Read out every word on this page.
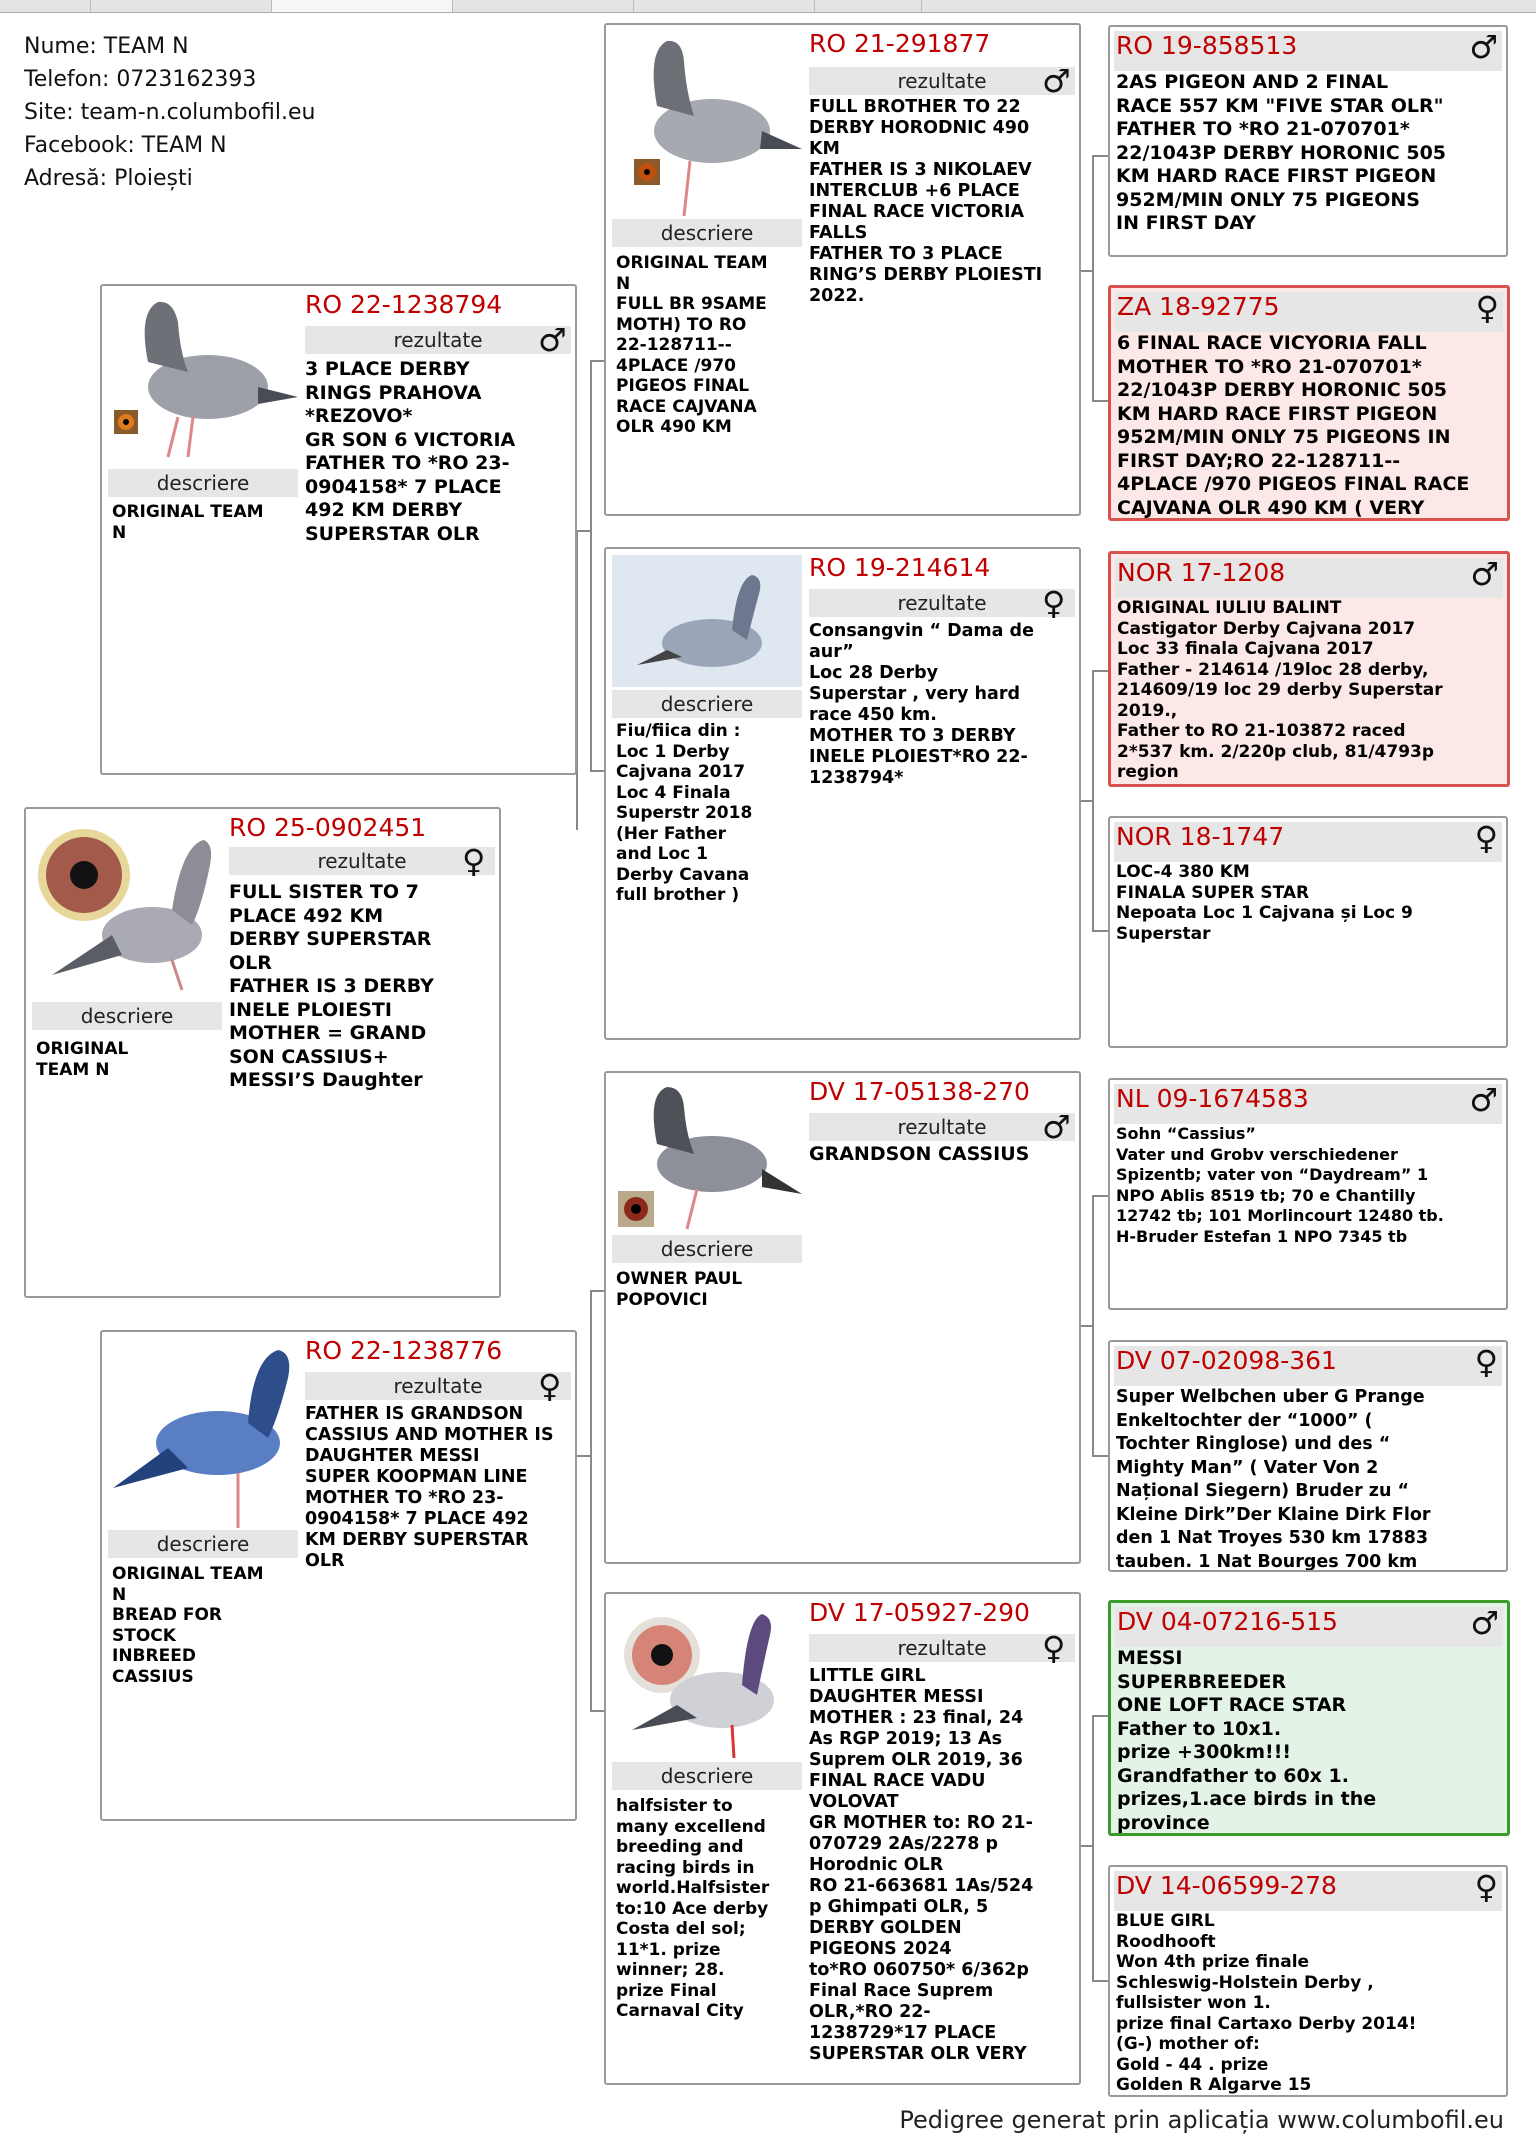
Nume: TEAM N
Telefon: 0723162393
Site: team-n.columbofil.eu
Facebook: TEAM N
Adresă: Ploiești
descriere
ORIGINAL
TEAM N
RO 25-0902451
rezultate	♀
FULL SISTER TO 7
PLACE 492 KM
DERBY SUPERSTAR
OLR
FATHER IS 3 DERBY
INELE PLOIESTI
MOTHER = GRAND
SON CASSIUS+
MESSI’S Daughter
descriere
ORIGINAL TEAM
N
RO 22-1238794
rezultate	♂
3 PLACE DERBY
RINGS PRAHOVA
*REZOVO*
GR SON 6 VICTORIA
FATHER TO *RO 23-
0904158* 7 PLACE
492 KM DERBY
SUPERSTAR OLR
descriere
ORIGINAL TEAM
N
BREAD FOR
STOCK
INBREED
CASSIUS
RO 22-1238776
rezultate	♀
FATHER IS GRANDSON
CASSIUS AND MOTHER IS
DAUGHTER MESSI
SUPER KOOPMAN LINE
MOTHER TO *RO 23-
0904158* 7 PLACE 492
KM DERBY SUPERSTAR
OLR
descriere
ORIGINAL TEAM
N
FULL BR 9SAME
MOTH) TO RO
22-128711--
4PLACE /970
PIGEOS FINAL
RACE CAJVANA
OLR 490 KM
RO 21-291877
rezultate	♂
FULL BROTHER TO 22
DERBY HORODNIC 490
KM
FATHER IS 3 NIKOLAEV
INTERCLUB +6 PLACE
FINAL RACE VICTORIA
FALLS
FATHER TO 3 PLACE
RING’S DERBY PLOIESTI
2022.
descriere
Fiu/fiica din :
Loc 1 Derby
Cajvana 2017
Loc 4 Finala
Superstr 2018
(Her Father
and Loc 1
Derby Cavana
full brother )
RO 19-214614
rezultate	♀
Consangvin “ Dama de
aur”
Loc 28 Derby
Superstar , very hard
race 450 km.
MOTHER TO 3 DERBY
INELE PLOIEST*RO 22-
1238794*
descriere
OWNER PAUL
POPOVICI
DV 17-05138-270
rezultate	♂
GRANDSON CASSIUS
descriere
halfsister to
many excellend
breeding and
racing birds in
world.Halfsister
to:10 Ace derby
Costa del sol;
11*1. prize
winner; 28.
prize Final
Carnaval City
DV 17-05927-290
rezultate	♀
LITTLE GIRL
DAUGHTER MESSI
MOTHER : 23 final, 24
As RGP 2019; 13 As
Suprem OLR 2019, 36
FINAL RACE VADU
VOLOVAT
GR MOTHER to: RO 21-
070729 2As/2278 p
Horodnic OLR
RO 21-663681 1As/524
p Ghimpati OLR, 5
DERBY GOLDEN
PIGEONS 2024
to*RO 060750* 6/362p
Final Race Suprem
OLR,*RO 22-
1238729*17 PLACE
SUPERSTAR OLR VERY
RO 19-858513	♂
2AS PIGEON AND 2 FINAL
RACE 557 KM "FIVE STAR OLR"
FATHER TO *RO 21-070701*
22/1043P DERBY HORONIC 505
KM HARD RACE FIRST PIGEON
952M/MIN ONLY 75 PIGEONS
IN FIRST DAY
ZA 18-92775	♀
6 FINAL RACE VICYORIA FALL
MOTHER TO *RO 21-070701*
22/1043P DERBY HORONIC 505
KM HARD RACE FIRST PIGEON
952M/MIN ONLY 75 PIGEONS IN
FIRST DAY;RO 22-128711--
4PLACE /970 PIGEOS FINAL RACE
CAJVANA OLR 490 KM ( VERY
NOR 17-1208	♂
ORIGINAL IULIU BALINT
Castigator Derby Cajvana 2017
Loc 33 finala Cajvana 2017
Father - 214614 /19loc 28 derby,
214609/19 loc 29 derby Superstar
2019.,
Father to RO 21-103872 raced
2*537 km. 2/220p club, 81/4793p
region
NOR 18-1747	♀
LOC-4 380 KM
FINALA SUPER STAR
Nepoata Loc 1 Cajvana și Loc 9
Superstar
NL 09-1674583	♂
Sohn “Cassius”
Vater und Grobv verschiedener
Spizentb; vater von “Daydream” 1
NPO Ablis 8519 tb; 70 e Chantilly
12742 tb; 101 Morlincourt 12480 tb.
H-Bruder Estefan 1 NPO 7345 tb
DV 07-02098-361	♀
Super Welbchen uber G Prange
Enkeltochter der “1000” (
Tochter Ringlose) und des “
Mighty Man” ( Vater Von 2
Național Siegern) Bruder zu “
Kleine Dirk”Der Klaine Dirk Flor
den 1 Nat Troyes 530 km 17883
tauben. 1 Nat Bourges 700 km
DV 04-07216-515	♂
MESSI
SUPERBREEDER
ONE LOFT RACE STAR
Father to 10x1.
prize +300km!!!
Grandfather to 60x 1.
prizes,1.ace birds in the
province
DV 14-06599-278	♀
BLUE GIRL
Roodhooft
Won 4th prize finale
Schleswig-Holstein Derby ,
fullsister won 1.
prize final Cartaxo Derby 2014!
(G-) mother of:
Gold - 44 . prize
Golden R Algarve 15
Pedigree generat prin aplicația www.columbofil.eu
